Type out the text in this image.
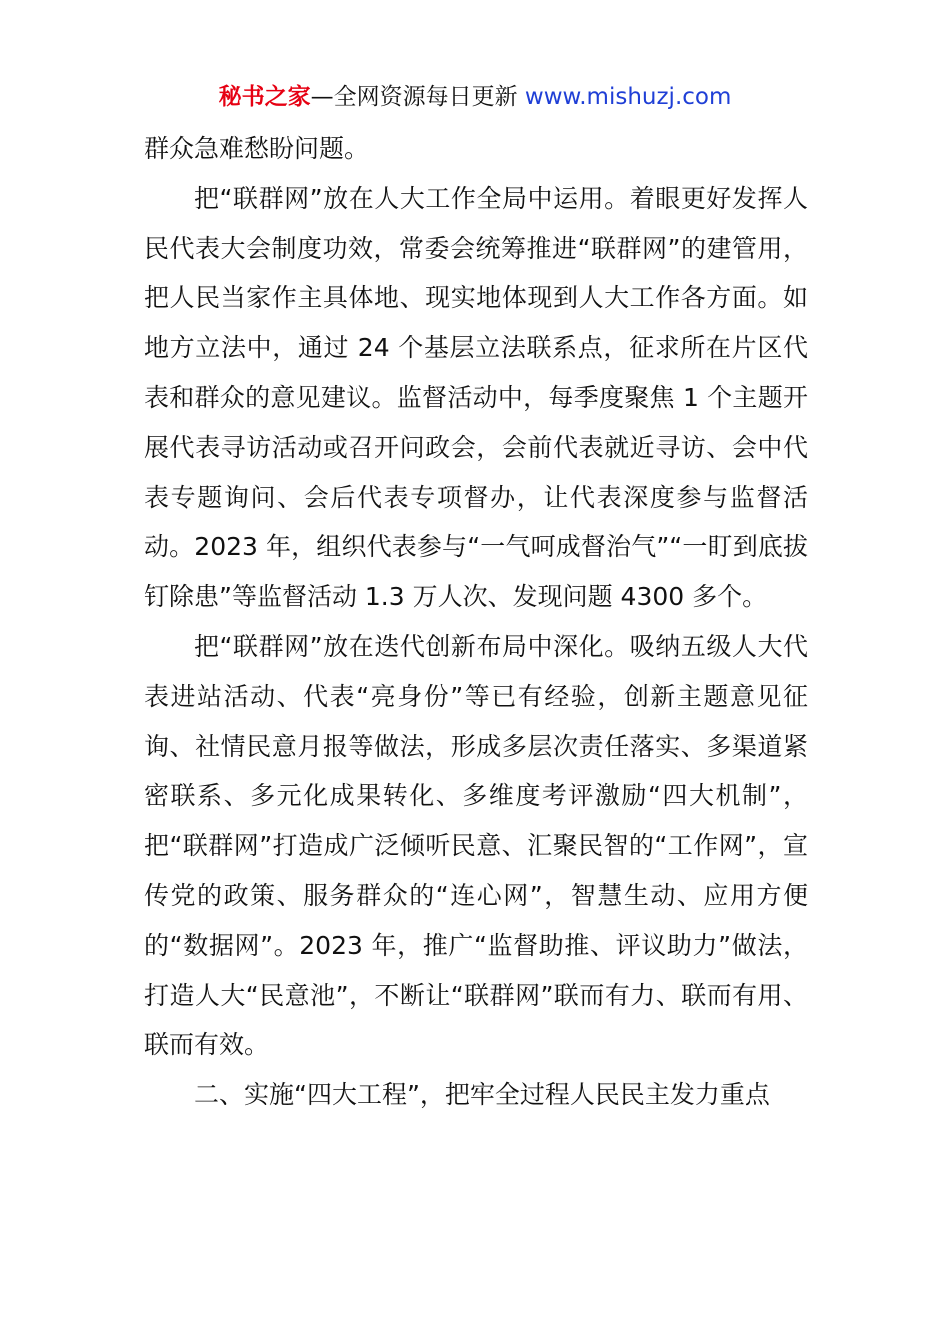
秘书之家—全网资源每日更新 www.mishuzj.com

群众急难愁盼问题。

把“联群网”放在人大工作全局中运用。着眼更好发挥人民代表大会制度功效，常委会统筹推进“联群网”的建管用，把人民当家作主具体地、现实地体现到人大工作各方面。如地方立法中，通过 24 个基层立法联系点，征求所在片区代表和群众的意见建议。监督活动中，每季度聚焦 1 个主题开展代表寻访活动或召开问政会，会前代表就近寻访、会中代表专题询问、会后代表专项督办，让代表深度参与监督活动。2023 年，组织代表参与“一气呵成督治气”“一盯到底拔钉除患”等监督活动 1.3 万人次、发现问题 4300 多个。

把“联群网”放在迭代创新布局中深化。吸纳五级人大代表进站活动、代表“亮身份”等已有经验，创新主题意见征询、社情民意月报等做法，形成多层次责任落实、多渠道紧密联系、多元化成果转化、多维度考评激励“四大机制”，把“联群网”打造成广泛倾听民意、汇聚民智的“工作网”，宣传党的政策、服务群众的“连心网”，智慧生动、应用方便的“数据网”。2023 年，推广“监督助推、评议助力”做法，打造人大“民意池”，不断让“联群网”联而有力、联而有用、联而有效。

二、实施“四大工程”，把牢全过程人民民主发力重点
